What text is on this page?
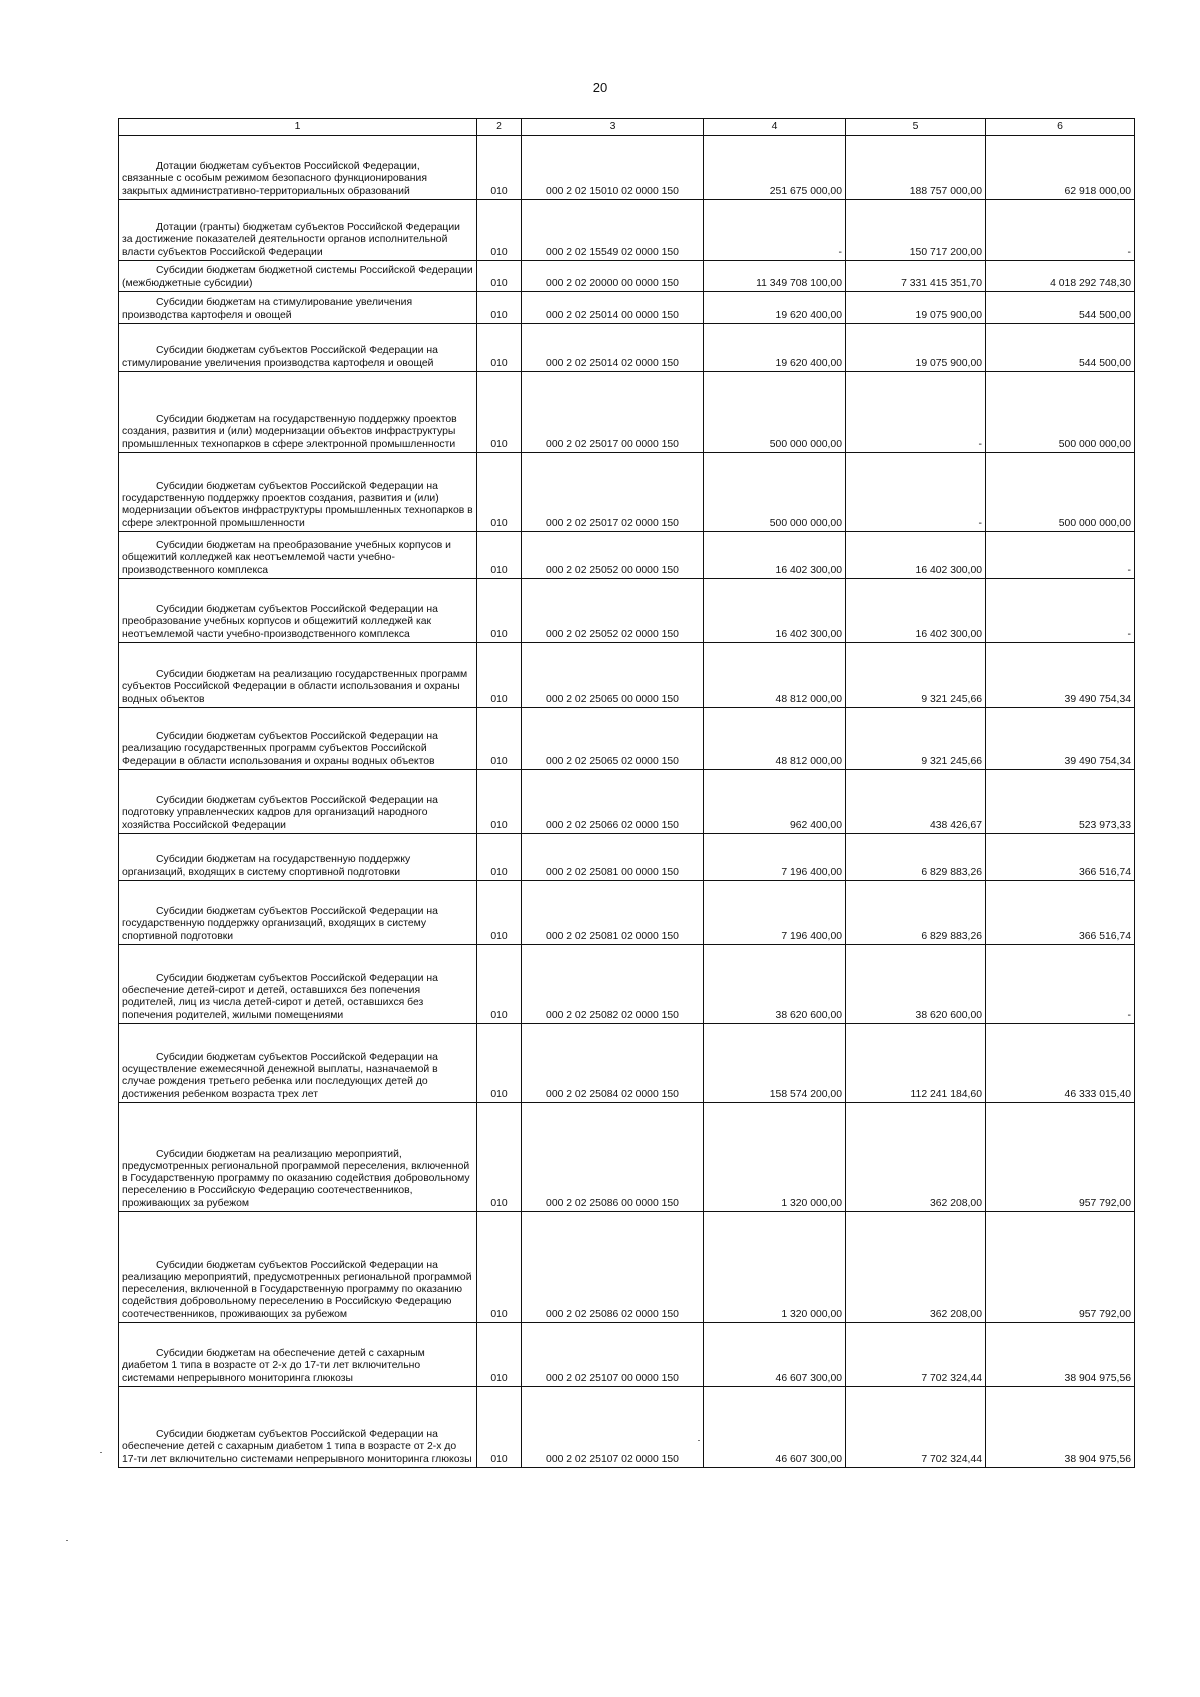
20
1	2	3	4	5	6

Дотации бюджетам субъектов Российской Федерации, связанные с особым режимом безопасного функционирования закрытых административно-территориальных образований	010	000 2 02 15010 02 0000 150	251 675 000,00	188 757 000,00	62 918 000,00

Дотации (гранты) бюджетам субъектов Российской Федерации за достижение показателей деятельности органов исполнительной власти субъектов Российской Федерации	010	000 2 02 15549 02 0000 150	-	150 717 200,00	-

Субсидии бюджетам бюджетной системы Российской Федерации (межбюджетные субсидии)	010	000 2 02 20000 00 0000 150	11 349 708 100,00	7 331 415 351,70	4 018 292 748,30

Субсидии бюджетам на стимулирование увеличения производства картофеля и овощей	010	000 2 02 25014 00 0000 150	19 620 400,00	19 075 900,00	544 500,00

Субсидии бюджетам субъектов Российской Федерации на стимулирование увеличения производства картофеля и овощей	010	000 2 02 25014 02 0000 150	19 620 400,00	19 075 900,00	544 500,00

Субсидии бюджетам на государственную поддержку проектов создания, развития и (или) модернизации объектов инфраструктуры промышленных технопарков в сфере электронной промышленности	010	000 2 02 25017 00 0000 150	500 000 000,00	-	500 000 000,00

Субсидии бюджетам субъектов Российской Федерации на государственную поддержку проектов создания, развития и (или) модернизации объектов инфраструктуры промышленных технопарков в сфере электронной промышленности	010	000 2 02 25017 02 0000 150	500 000 000,00	-	500 000 000,00

Субсидии бюджетам на преобразование учебных корпусов и общежитий колледжей как неотъемлемой части учебно-производственного комплекса	010	000 2 02 25052 00 0000 150	16 402 300,00	16 402 300,00	-

Субсидии бюджетам субъектов Российской Федерации на преобразование учебных корпусов и общежитий колледжей как неотъемлемой части учебно-производственного комплекса	010	000 2 02 25052 02 0000 150	16 402 300,00	16 402 300,00	-

Субсидии бюджетам на реализацию государственных программ субъектов Российской Федерации в области использования и охраны водных объектов	010	000 2 02 25065 00 0000 150	48 812 000,00	9 321 245,66	39 490 754,34

Субсидии бюджетам субъектов Российской Федерации на реализацию государственных программ субъектов Российской Федерации в области использования и охраны водных объектов	010	000 2 02 25065 02 0000 150	48 812 000,00	9 321 245,66	39 490 754,34

Субсидии бюджетам субъектов Российской Федерации на подготовку управленческих кадров для организаций народного хозяйства Российской Федерации	010	000 2 02 25066 02 0000 150	962 400,00	438 426,67	523 973,33

Субсидии бюджетам на государственную поддержку организаций, входящих в систему спортивной подготовки	010	000 2 02 25081 00 0000 150	7 196 400,00	6 829 883,26	366 516,74

Субсидии бюджетам субъектов Российской Федерации на государственную поддержку организаций, входящих в систему спортивной подготовки	010	000 2 02 25081 02 0000 150	7 196 400,00	6 829 883,26	366 516,74

Субсидии бюджетам субъектов Российской Федерации на обеспечение детей-сирот и детей, оставшихся без попечения родителей, лиц из числа детей-сирот и детей, оставшихся без попечения родителей, жилыми помещениями	010	000 2 02 25082 02 0000 150	38 620 600,00	38 620 600,00	-

Субсидии бюджетам субъектов Российской Федерации на осуществление ежемесячной денежной выплаты, назначаемой в случае рождения третьего ребенка или последующих детей до достижения ребенком возраста трех лет	010	000 2 02 25084 02 0000 150	158 574 200,00	112 241 184,60	46 333 015,40

Субсидии бюджетам на реализацию мероприятий, предусмотренных региональной программой переселения, включенной в Государственную программу по оказанию содействия добровольному переселению в Российскую Федерацию соотечественников, проживающих за рубежом	010	000 2 02 25086 00 0000 150	1 320 000,00	362 208,00	957 792,00

Субсидии бюджетам субъектов Российской Федерации на реализацию мероприятий, предусмотренных региональной программой переселения, включенной в Государственную программу по оказанию содействия добровольному переселению в Российскую Федерацию соотечественников, проживающих за рубежом	010	000 2 02 25086 02 0000 150	1 320 000,00	362 208,00	957 792,00

Субсидии бюджетам на обеспечение детей с сахарным диабетом 1 типа в возрасте от 2-х до 17-ти лет включительно системами непрерывного мониторинга глюкозы	010	000 2 02 25107 00 0000 150	46 607 300,00	7 702 324,44	38 904 975,56

Субсидии бюджетам субъектов Российской Федерации на обеспечение детей с сахарным диабетом 1 типа в возрасте от 2-х до 17-ти лет включительно системами непрерывного мониторинга глюкозы	010	000 2 02 25107 02 0000 150	46 607 300,00	7 702 324,44	38 904 975,56
